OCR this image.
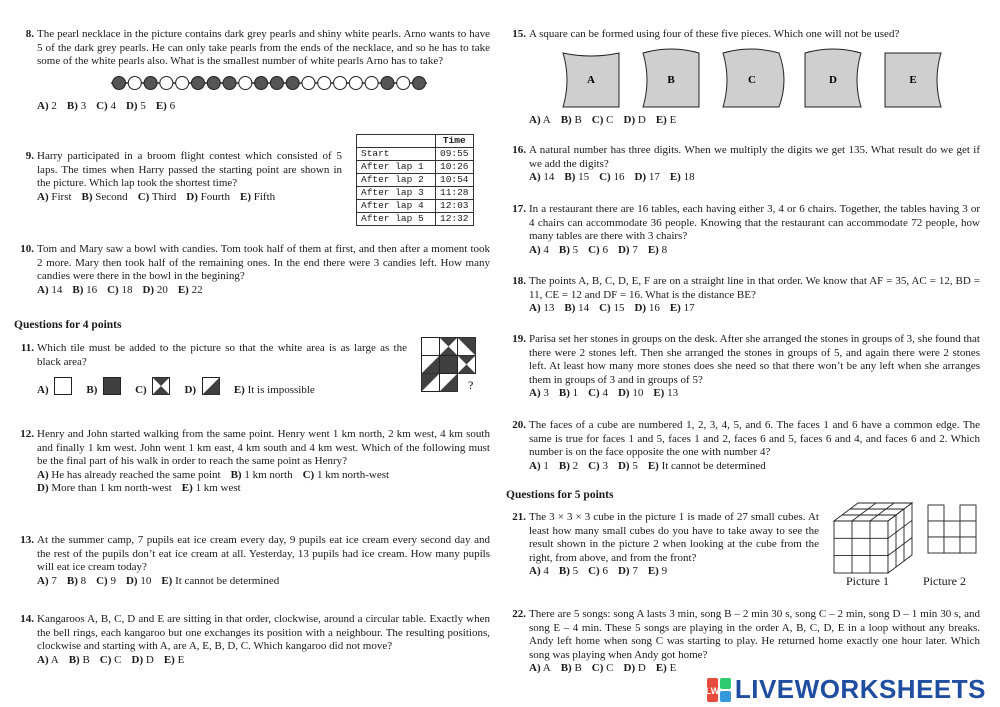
8. The pearl necklace in the picture contains dark grey pearls and shiny white pearls. Arno wants to have 5 of the dark grey pearls. He can only take pearls from the ends of the necklace, and so he has to take some of the white pearls also. What is the smallest number of white pearls Arno has to take?
A) 2 B) 3 C) 4 D) 5 E) 6
9. Harry participated in a broom flight contest which consisted of 5 laps. The times when Harry passed the starting point are shown in the picture. Which lap took the shortest time?
A) First B) Second C) Third D) Fourth E) Fifth
	Time
Start	09:55
After lap 1	10:26
After lap 2	10:54
After lap 3	11:28
After lap 4	12:03
After lap 5	12:32
10. Tom and Mary saw a bowl with candies. Tom took half of them at first, and then after a moment took 2 more. Mary then took half of the remaining ones. In the end there were 3 candies left. How many candies were there in the bowl in the begining?
A) 14 B) 16 C) 18 D) 20 E) 22
Questions for 4 points
11. Which tile must be added to the picture so that the white area is as large as the black area?
A)	B)	C)	D)	E) It is impossible	?
12. Henry and John started walking from the same point. Henry went 1 km north, 2 km west, 4 km south and finally 1 km west. John went 1 km east, 4 km south and 4 km west. Which of the following must be the final part of his walk in order to reach the same point as Henry?
A) He has already reached the same point B) 1 km north C) 1 km north-west
D) More than 1 km north-west E) 1 km west
13. At the summer camp, 7 pupils eat ice cream every day, 9 pupils eat ice cream every second day and the rest of the pupils don’t eat ice cream at all. Yesterday, 13 pupils had ice cream. How many pupils will eat ice cream today?
A) 7 B) 8 C) 9 D) 10 E) It cannot be determined
14. Kangaroos A, B, C, D and E are sitting in that order, clockwise, around a circular table. Exactly when the bell rings, each kangaroo but one exchanges its position with a neighbour. The resulting positions, clockwise and starting with A, are A, E, B, D, C. Which kangaroo did not move?
A) A B) B C) C D) D E) E
15. A square can be formed using four of these five pieces. Which one will not be used?
A	B	C	D	E
A) A B) B C) C D) D E) E
16. A natural number has three digits. When we multiply the digits we get 135. What result do we get if we add the digits?
A) 14 B) 15 C) 16 D) 17 E) 18
17. In a restaurant there are 16 tables, each having either 3, 4 or 6 chairs. Together, the tables having 3 or 4 chairs can accommodate 36 people. Knowing that the restaurant can accommodate 72 people, how many tables are there with 3 chairs?
A) 4 B) 5 C) 6 D) 7 E) 8
18. The points A, B, C, D, E, F are on a straight line in that order. We know that AF = 35, AC = 12, BD = 11, CE = 12 and DF = 16. What is the distance BE?
A) 13 B) 14 C) 15 D) 16 E) 17
19. Parisa set her stones in groups on the desk. After she arranged the stones in groups of 3, she found that there were 2 stones left. Then she arranged the stones in groups of 5, and again there were 2 stones left. At least how many more stones does she need so that there won’t be any left when she arranges them in groups of 3 and in groups of 5?
A) 3 B) 1 C) 4 D) 10 E) 13
20. The faces of a cube are numbered 1, 2, 3, 4, 5, and 6. The faces 1 and 6 have a common edge. The same is true for faces 1 and 5, faces 1 and 2, faces 6 and 5, faces 6 and 4, and faces 6 and 2. Which number is on the face opposite the one with number 4?
A) 1 B) 2 C) 3 D) 5 E) It cannot be determined
Questions for 5 points
21. The 3 × 3 × 3 cube in the picture 1 is made of 27 small cubes. At least how many small cubes do you have to take away to see the result shown in the picture 2 when looking at the cube from the right, from above, and from the front?
A) 4 B) 5 C) 6 D) 7 E) 9
Picture 1	Picture 2
22. There are 5 songs: song A lasts 3 min, song B – 2 min 30 s, song C – 2 min, song D – 1 min 30 s, and song E – 4 min. These 5 songs are playing in the order A, B, C, D, E in a loop without any breaks. Andy left home when song C was starting to play. He returned home exactly one hour later. Which song was playing when Andy got home?
A) A B) B C) C D) D E) E
LW LIVEWORKSHEETS
